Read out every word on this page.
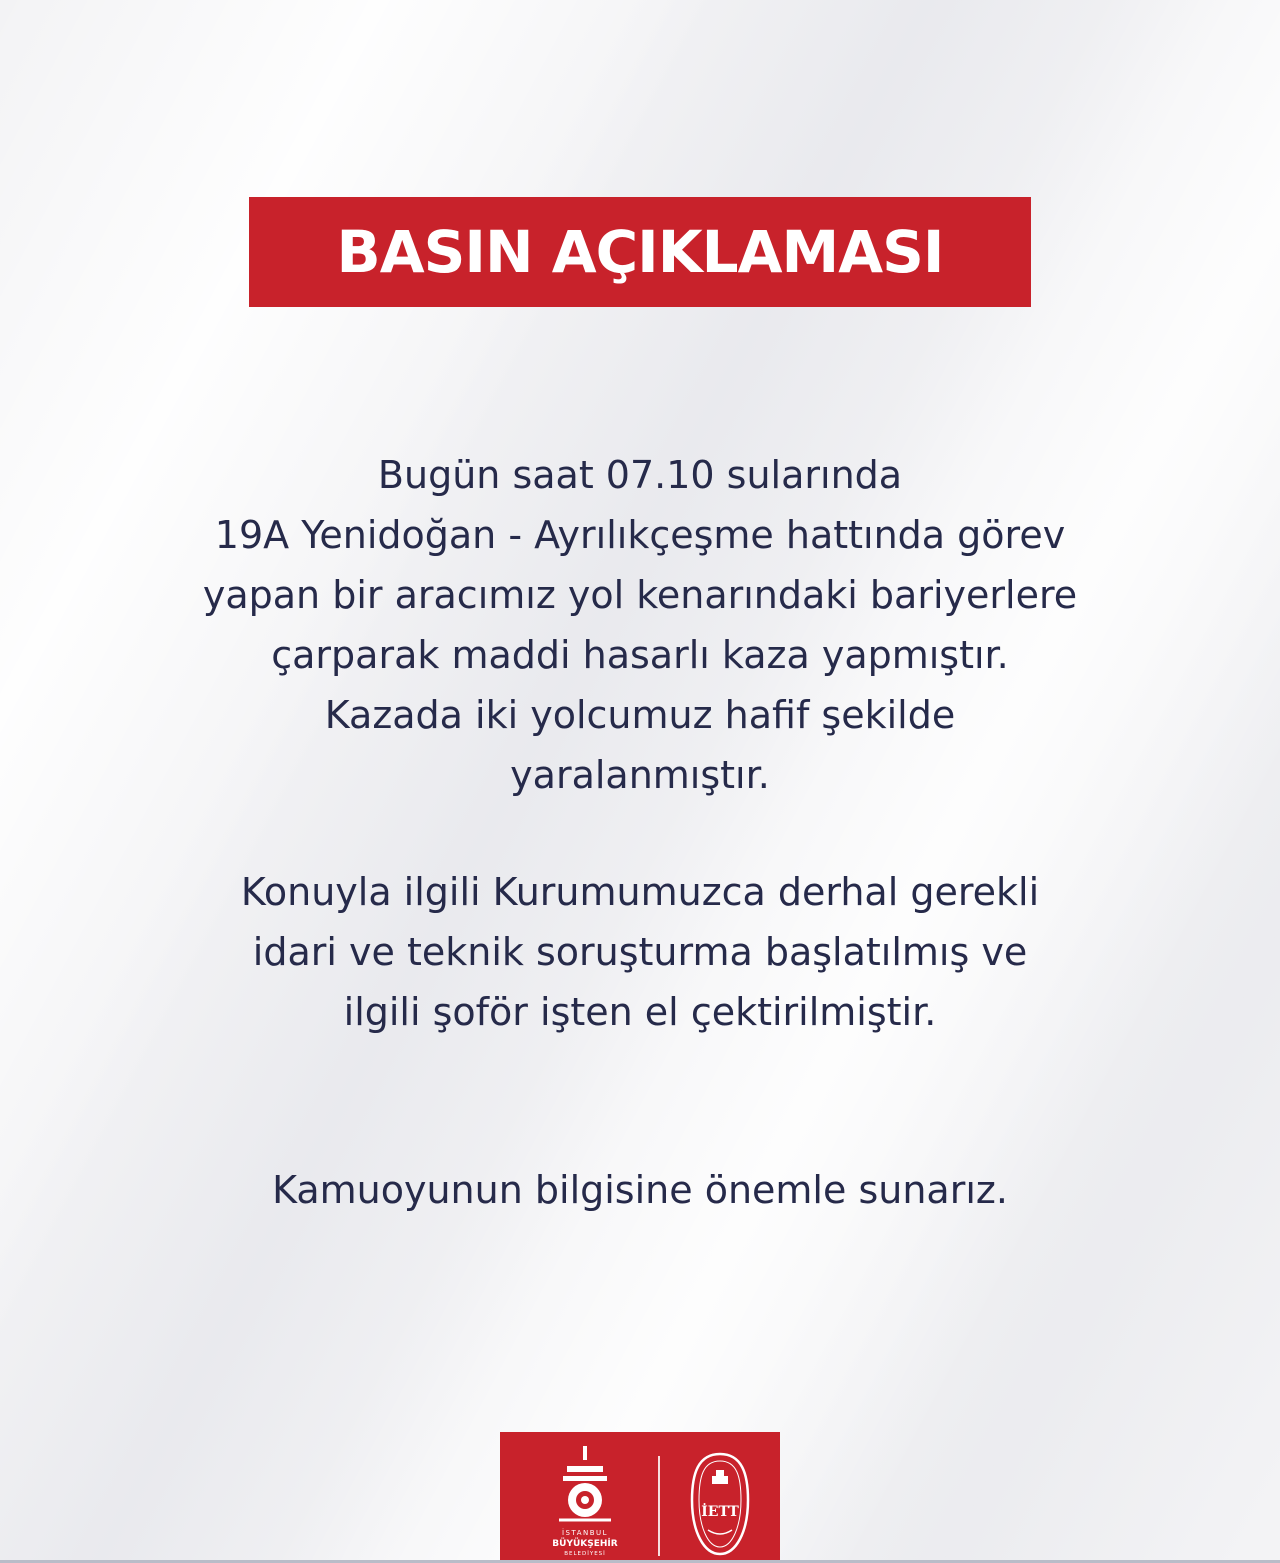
BASIN AÇIKLAMASI

Bugün saat 07.10 sularında
19A Yenidoğan - Ayrılıkçeşme hattında görev
yapan bir aracımız yol kenarındaki bariyerlere
çarparak maddi hasarlı kaza yapmıştır.
Kazada iki yolcumuz hafif şekilde
yaralanmıştır.

Konuyla ilgili Kurumumuzca derhal gerekli
idari ve teknik soruşturma başlatılmış ve
ilgili şoför işten el çektirilmiştir.

Kamuoyunun bilgisine önemle sunarız.

İSTANBUL
BÜYÜKŞEHİR
BELEDİYESİ
İETT
